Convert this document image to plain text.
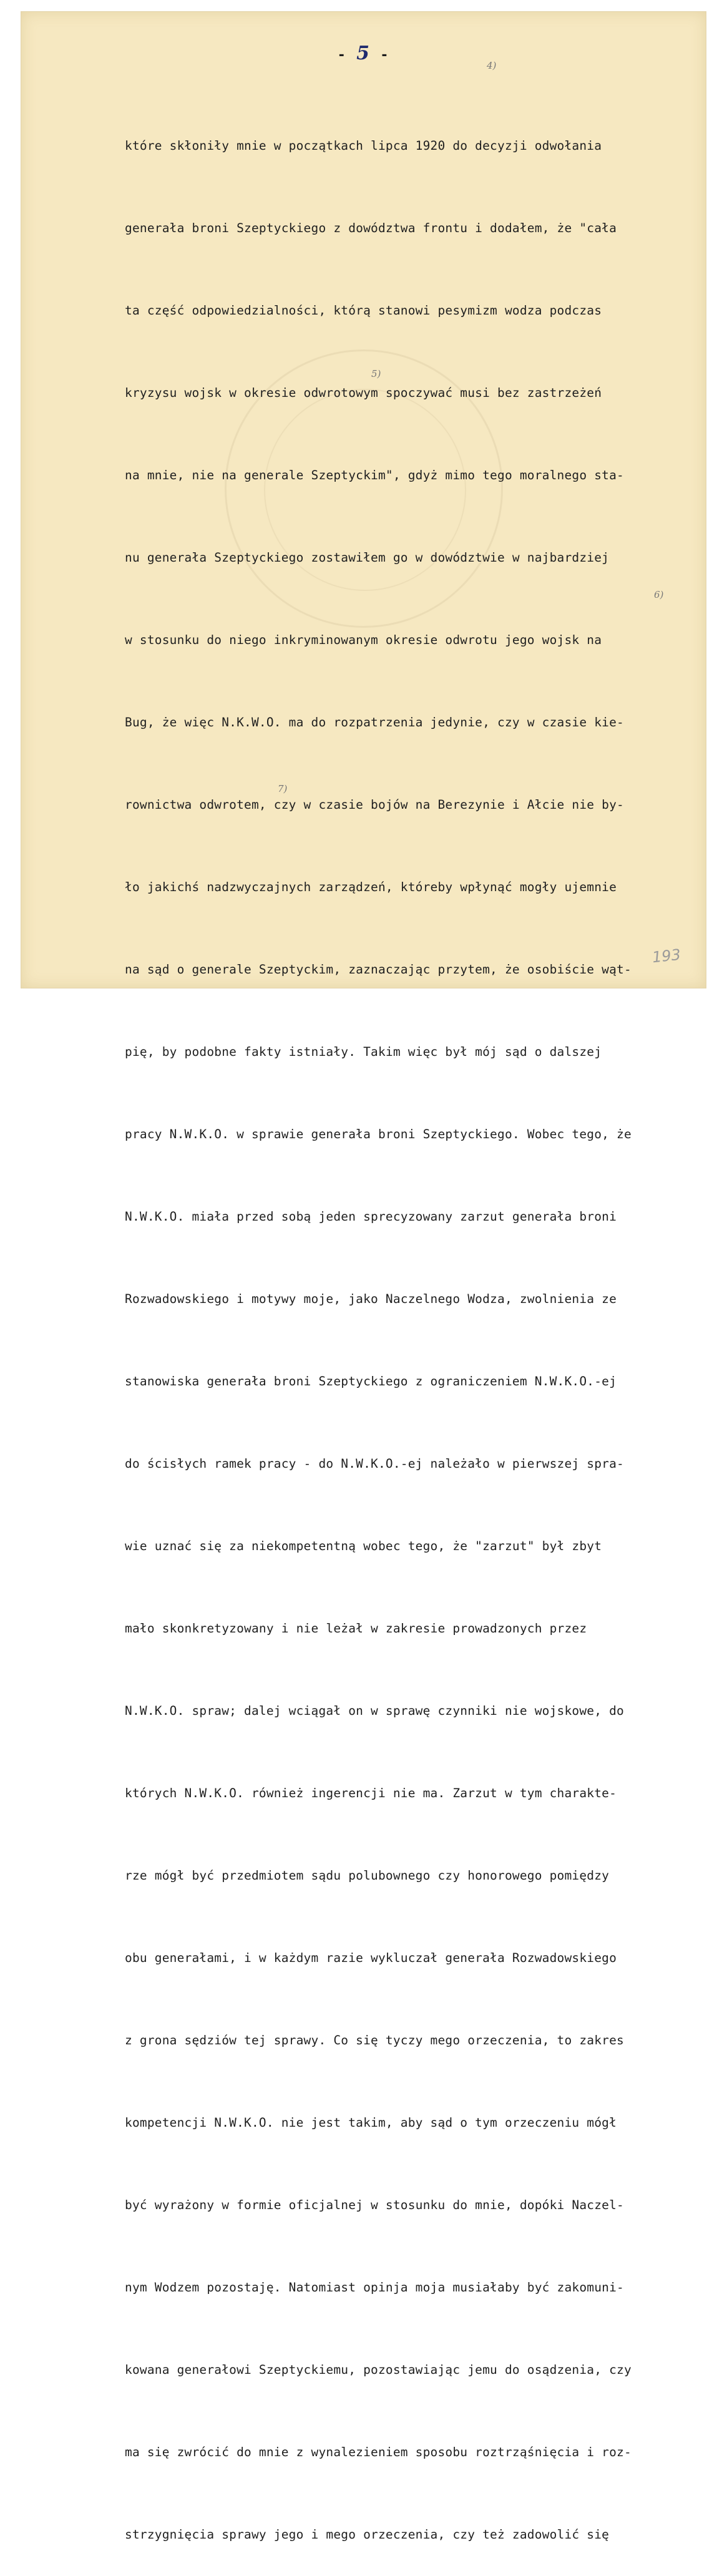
- 5 -
4)
5)
6)
7)

które skłoniły mnie w początkach lipca 1920 do decyzji odwołania

generała broni Szeptyckiego z dowództwa frontu i dodałem, że "cała

ta część odpowiedzialności, którą stanowi pesymizm wodza podczas

kryzysu wojsk w okresie odwrotowym spoczywać musi bez zastrzeżeń

na mnie, nie na generale Szeptyckim", gdyż mimo tego moralnego sta-

nu generała Szeptyckiego zostawiłem go w dowództwie w najbardziej

w stosunku do niego inkryminowanym okresie odwrotu jego wojsk na

Bug, że więc N.K.W.O. ma do rozpatrzenia jedynie, czy w czasie kie-

rownictwa odwrotem, czy w czasie bojów na Berezynie i Ałcie nie by-

ło jakichś nadzwyczajnych zarządzeń, któreby wpłynąć mogły ujemnie

na sąd o generale Szeptyckim, zaznaczając przytem, że osobiście wąt-

pię, by podobne fakty istniały. Takim więc był mój sąd o dalszej

pracy N.W.K.O. w sprawie generała broni Szeptyckiego. Wobec tego, że

N.W.K.O. miała przed sobą jeden sprecyzowany zarzut generała broni

Rozwadowskiego i motywy moje, jako Naczelnego Wodza, zwolnienia ze

stanowiska generała broni Szeptyckiego z ograniczeniem N.W.K.O.-ej

do ścisłych ramek pracy - do N.W.K.O.-ej należało w pierwszej spra-

wie uznać się za niekompetentną wobec tego, że "zarzut" był zbyt

mało skonkretyzowany i nie leżał w zakresie prowadzonych przez

N.W.K.O. spraw; dalej wciągał on w sprawę czynniki nie wojskowe, do

których N.W.K.O. również ingerencji nie ma. Zarzut w tym charakte-

rze mógł być przedmiotem sądu polubownego czy honorowego pomiędzy

obu generałami, i w każdym razie wykluczał generała Rozwadowskiego

z grona sędziów tej sprawy. Co się tyczy mego orzeczenia, to zakres

kompetencji N.W.K.O. nie jest takim, aby sąd o tym orzeczeniu mógł

być wyrażony w formie oficjalnej w stosunku do mnie, dopóki Naczel-

nym Wodzem pozostaję. Natomiast opinja moja musiałaby być zakomuni-

kowana generałowi Szeptyckiemu, pozostawiając jemu do osądzenia, czy

ma się zwrócić do mnie z wynalezieniem sposobu roztrząśnięcia i roz-

strzygnięcia sprawy jego i mego orzeczenia, czy też zadowolić się

193
